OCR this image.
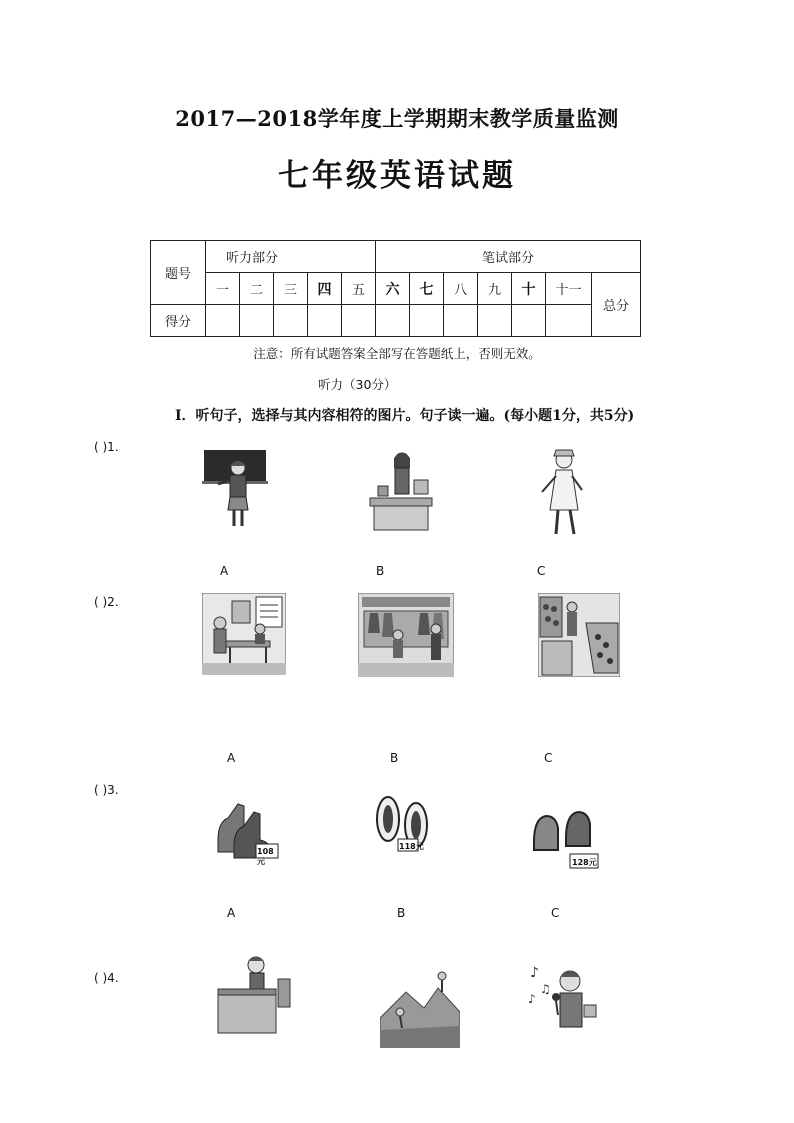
2017—2018学年度上学期期末教学质量监测
七年级英语试题
题号	听力部分					笔试部分						
	一	二	三	四	五	六	七	八	九	十	十一	总分
得分												
注意：所有试题答案全部写在答题纸上，否则无效。
听力（30分）
Ⅰ．听句子，选择与其内容相符的图片。句子读一遍。(每小题1分，共5分)
( )1.
A	B	C
( )2.
A	B	C
( )3.
108元
118元
128元
A	B	C
( )4.	♪
♫
♪
